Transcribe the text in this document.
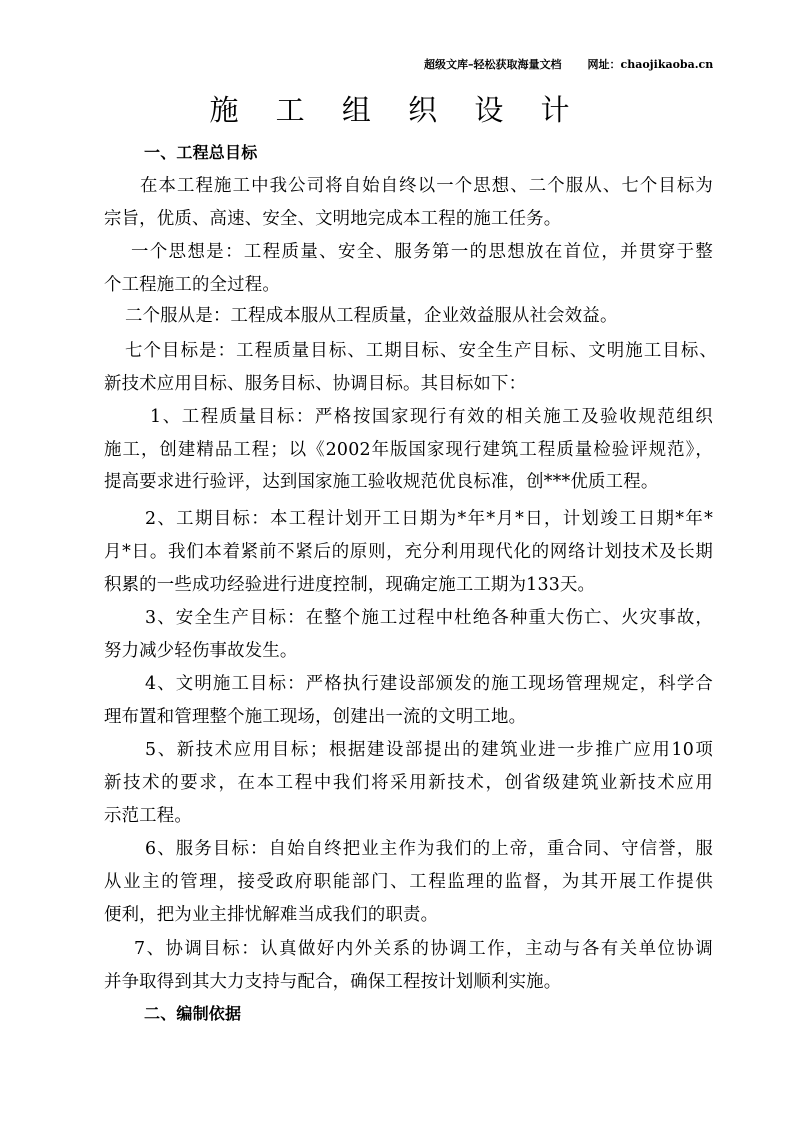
超级文库–轻松获取海量文档 网址：chaojikaoba.cn
施 工 组 织 设 计
一、工程总目标
在本工程施工中我公司将自始自终以一个思想、二个服从、七个目标为
宗旨，优质、高速、安全、文明地完成本工程的施工任务。
一个思想是：工程质量、安全、服务第一的思想放在首位，并贯穿于整
个工程施工的全过程。
二个服从是：工程成本服从工程质量，企业效益服从社会效益。
七个目标是：工程质量目标、工期目标、安全生产目标、文明施工目标、
新技术应用目标、服务目标、协调目标。其目标如下：
1、工程质量目标：严格按国家现行有效的相关施工及验收规范组织
施工，创建精品工程；以《2002年版国家现行建筑工程质量检验评规范》，
提高要求进行验评，达到国家施工验收规范优良标准，创***优质工程。
2、工期目标：本工程计划开工日期为*年*月*日，计划竣工日期*年*
月*日。我们本着紧前不紧后的原则，充分利用现代化的网络计划技术及长期
积累的一些成功经验进行进度控制，现确定施工工期为133天。
3、安全生产目标：在整个施工过程中杜绝各种重大伤亡、火灾事故，
努力减少轻伤事故发生。
4、文明施工目标：严格执行建设部颁发的施工现场管理规定，科学合
理布置和管理整个施工现场，创建出一流的文明工地。
5、新技术应用目标；根据建设部提出的建筑业进一步推广应用10项
新技术的要求，在本工程中我们将采用新技术，创省级建筑业新技术应用
示范工程。
6、服务目标：自始自终把业主作为我们的上帝，重合同、守信誉，服
从业主的管理，接受政府职能部门、工程监理的监督，为其开展工作提供
便利，把为业主排忧解难当成我们的职责。
7、协调目标：认真做好内外关系的协调工作，主动与各有关单位协调
并争取得到其大力支持与配合，确保工程按计划顺利实施。
二、编制依据
